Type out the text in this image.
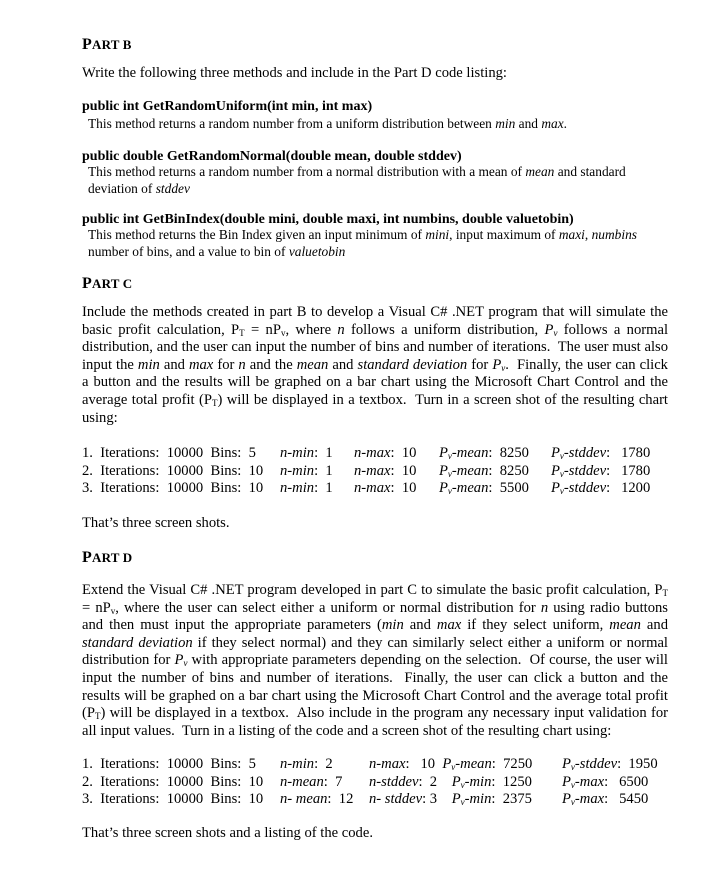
PART B
Write the following three methods and include in the Part D code listing:
public int GetRandomUniform(int min, int max)
This method returns a random number from a uniform distribution between min and max.
public double GetRandomNormal(double mean, double stddev)
This method returns a random number from a normal distribution with a mean of mean and standard deviation of stddev
public int GetBinIndex(double mini, double maxi, int numbins, double valuetobin)
This method returns the Bin Index given an input minimum of mini, input maximum of maxi, numbins number of bins, and a value to bin of valuetobin
PART C
Include the methods created in part B to develop a Visual C# .NET program that will simulate the basic profit calculation, $P_T = nP_v$, where n follows a uniform distribution, $P_v$ follows a normal distribution, and the user can input the number of bins and number of iterations.  The user must also input the min and max for n and the mean and standard deviation for $P_v$.  Finally, the user can click a button and the results will be graphed on a bar chart using the Microsoft Chart Control and the average total profit $(P_T)$ will be displayed in a textbox.  Turn in a screen shot of the resulting chart using:
1.  Iterations:  10000  Bins:  5 n-min:  1 n-max:  10 $P_v$-mean:  8250 $P_v$-stddev:   1780
2.  Iterations:  10000  Bins:  10 n-min:  1 n-max:  10 $P_v$-mean:  8250 $P_v$-stddev:   1780
3.  Iterations:  10000  Bins:  10 n-min:  1 n-max:  10 $P_v$-mean:  5500 $P_v$-stddev:   1200
That’s three screen shots.
PART D
Extend the Visual C# .NET program developed in part C to simulate the basic profit calculation, $P_T = nP_v$, where the user can select either a uniform or normal distribution for n using radio buttons and then must input the appropriate parameters (min and max if they select uniform, mean and standard deviation if they select normal) and they can similarly select either a uniform or normal distribution for $P_v$ with appropriate parameters depending on the selection.  Of course, the user will input the number of bins and number of iterations.  Finally, the user can click a button and the results will be graphed on a bar chart using the Microsoft Chart Control and the average total profit $(P_T)$ will be displayed in a textbox.  Also include in the program any necessary input validation for all input values.  Turn in a listing of the code and a screen shot of the resulting chart using:
1.  Iterations:  10000  Bins:  5 n-min:  2 n-max:   10  $P_v$-mean:  7250 $P_v$-stddev:  1950
2.  Iterations:  10000  Bins:  10 n-mean:  7 n-stddev:  2    $P_v-\min$:  1250 $P_v-\max$:   6500
3.  Iterations:  10000  Bins:  10 n- mean:  12 n- stddev: 3    $P_v-\min$:  2375 $P_v-\max$:   5450
That’s three screen shots and a listing of the code.
